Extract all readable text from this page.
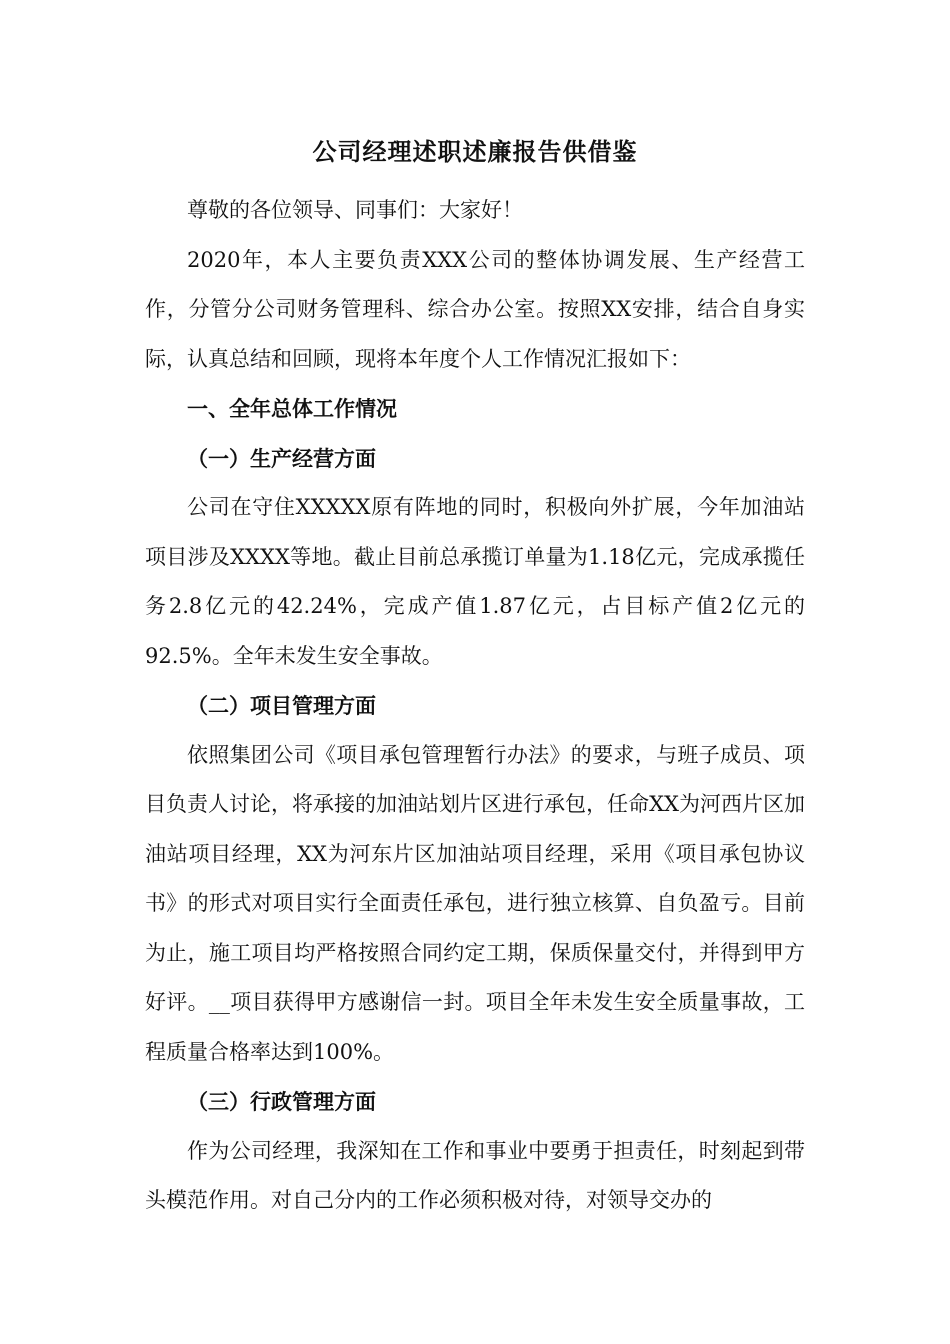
公司经理述职述廉报告供借鉴

尊敬的各位领导、同事们：大家好！

2020年，本人主要负责XXX公司的整体协调发展、生产经营工作，分管分公司财务管理科、综合办公室。按照XX安排，结合自身实际，认真总结和回顾，现将本年度个人工作情况汇报如下：

一、全年总体工作情况

（一）生产经营方面

公司在守住XXXXX原有阵地的同时，积极向外扩展，今年加油站项目涉及XXXX等地。截止目前总承揽订单量为1.18亿元，完成承揽任务2.8亿元的42.24%，完成产值1.87亿元，占目标产值2亿元的92.5%。全年未发生安全事故。

（二）项目管理方面

依照集团公司《项目承包管理暂行办法》的要求，与班子成员、项目负责人讨论，将承接的加油站划片区进行承包，任命XX为河西片区加油站项目经理，XX为河东片区加油站项目经理，采用《项目承包协议书》的形式对项目实行全面责任承包，进行独立核算、自负盈亏。目前为止，施工项目均严格按照合同约定工期，保质保量交付，并得到甲方好评。__项目获得甲方感谢信一封。项目全年未发生安全质量事故，工程质量合格率达到100%。

（三）行政管理方面

作为公司经理，我深知在工作和事业中要勇于担责任，时刻起到带头模范作用。对自己分内的工作必须积极对待，对领导交办的
